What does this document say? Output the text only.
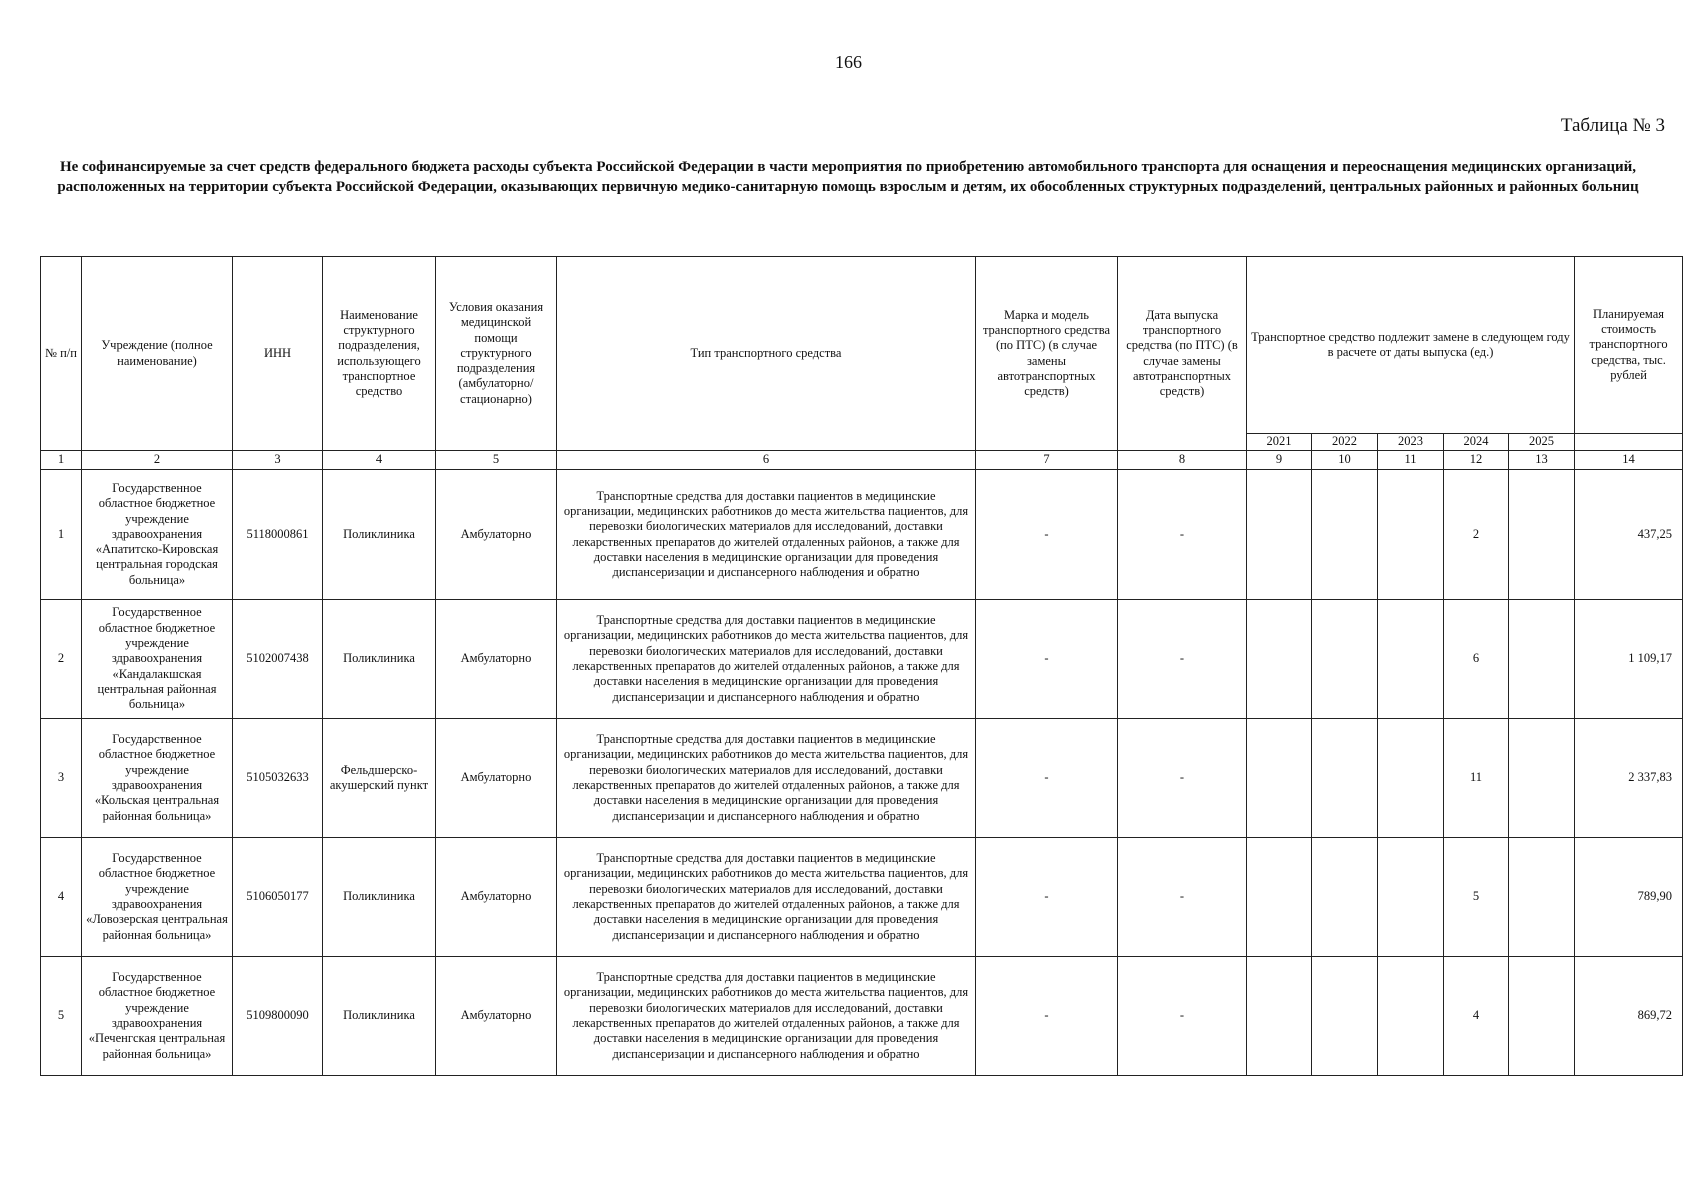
166
Таблица № 3
Не софинансируемые за счет средств федерального бюджета расходы субъекта Российской Федерации в части мероприятия по приобретению автомобильного транспорта для оснащения и переоснащения медицинских организаций, расположенных на территории субъекта Российской Федерации, оказывающих первичную медико-санитарную помощь взрослым и детям, их обособленных структурных подразделений, центральных районных и районных больниц
№ п/п	Учреждение (полное наименование)	ИНН	Наименование структурного подразделения, использующего транспортное средство	Условия оказания медицинской помощи структурного подразделения (амбулаторно/ стационарно)	Тип транспортного средства	Марка и модель транспортного средства (по ПТС) (в случае замены автотранспортных средств)	Дата выпуска транспортного средства (по ПТС) (в случае замены автотранспортных средств)	Транспортное средство подлежит замене в следующем году в расчете от даты выпуска (ед.)					Планируемая стоимость транспортного средства, тыс. рублей
								2021	2022	2023	2024	2025	
1	2	3	4	5	6	7	8	9	10	11	12	13	14
1	Государственное областное бюджетное учреждение здравоохранения «Апатитско-Кировская центральная городская больница»	5118000861	Поликлиника	Амбулаторно	Транспортные средства для доставки пациентов в медицинские организации, медицинских работников до места жительства пациентов, для перевозки биологических материалов для исследований, доставки лекарственных препаратов до жителей отдаленных районов, а также для доставки населения в медицинские организации для проведения диспансеризации и диспансерного наблюдения и обратно	-	-				2		437,25
2	Государственное областное бюджетное учреждение здравоохранения «Кандалакшская центральная районная больница»	5102007438	Поликлиника	Амбулаторно	Транспортные средства для доставки пациентов в медицинские организации, медицинских работников до места жительства пациентов, для перевозки биологических материалов для исследований, доставки лекарственных препаратов до жителей отдаленных районов, а также для доставки населения в медицинские организации для проведения диспансеризации и диспансерного наблюдения и обратно	-	-				6		1 109,17
3	Государственное областное бюджетное учреждение здравоохранения «Кольская центральная районная больница»	5105032633	Фельдшерско-акушерский пункт	Амбулаторно	Транспортные средства для доставки пациентов в медицинские организации, медицинских работников до места жительства пациентов, для перевозки биологических материалов для исследований, доставки лекарственных препаратов до жителей отдаленных районов, а также для доставки населения в медицинские организации для проведения диспансеризации и диспансерного наблюдения и обратно	-	-				11		2 337,83
4	Государственное областное бюджетное учреждение здравоохранения «Ловозерская центральная районная больница»	5106050177	Поликлиника	Амбулаторно	Транспортные средства для доставки пациентов в медицинские организации, медицинских работников до места жительства пациентов, для перевозки биологических материалов для исследований, доставки лекарственных препаратов до жителей отдаленных районов, а также для доставки населения в медицинские организации для проведения диспансеризации и диспансерного наблюдения и обратно	-	-				5		789,90
5	Государственное областное бюджетное учреждение здравоохранения «Печенгская центральная районная больница»	5109800090	Поликлиника	Амбулаторно	Транспортные средства для доставки пациентов в медицинские организации, медицинских работников до места жительства пациентов, для перевозки биологических материалов для исследований, доставки лекарственных препаратов до жителей отдаленных районов, а также для доставки населения в медицинские организации для проведения диспансеризации и диспансерного наблюдения и обратно	-	-				4		869,72
